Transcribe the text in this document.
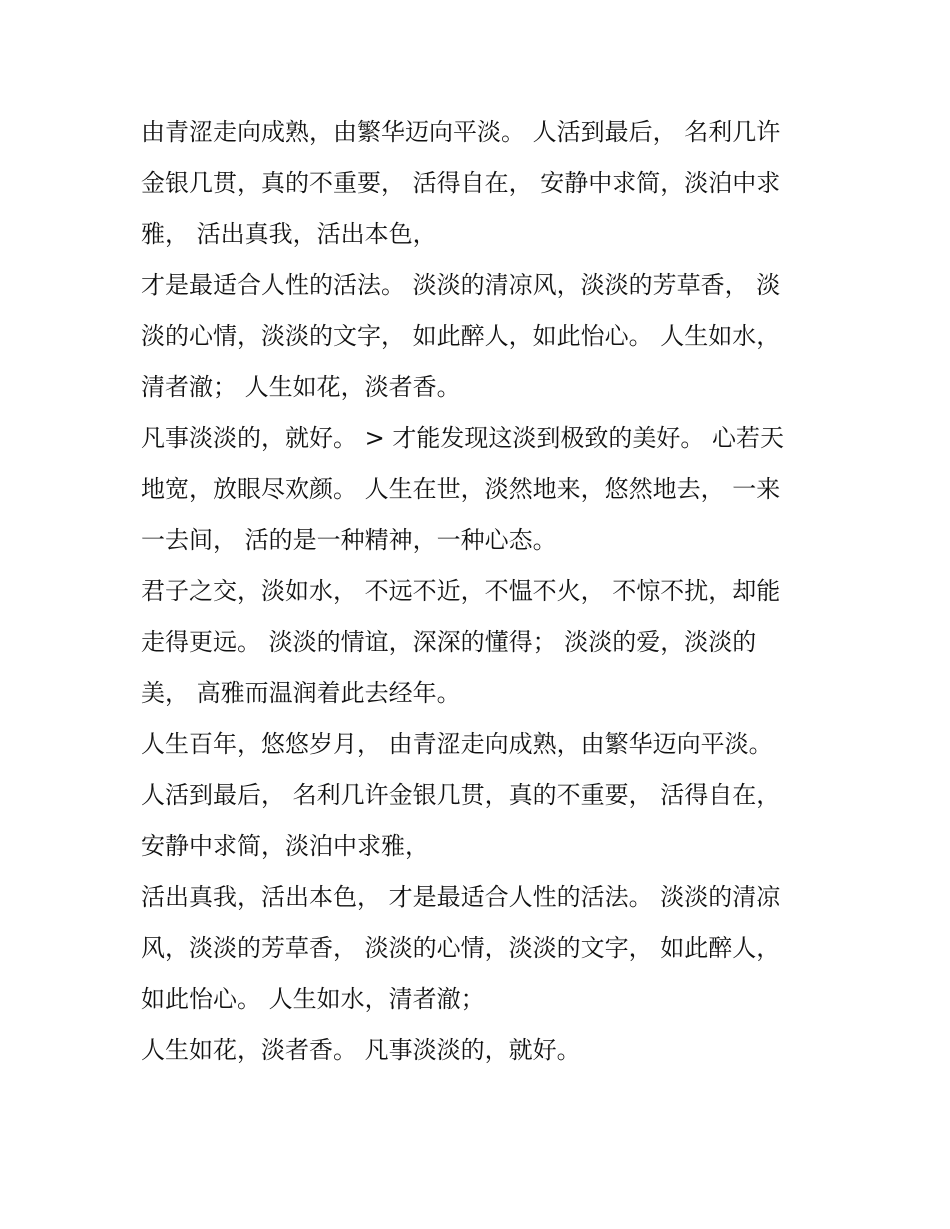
由青涩走向成熟，由繁华迈向平淡。 人活到最后， 名利几许
金银几贯，真的不重要， 活得自在， 安静中求简，淡泊中求
雅， 活出真我，活出本色，

才是最适合人性的活法。 淡淡的清凉风，淡淡的芳草香， 淡
淡的心情，淡淡的文字， 如此醉人，如此怡心。 人生如水，
清者澈； 人生如花，淡者香。

凡事淡淡的，就好。 > 才能发现这淡到极致的美好。 心若天
地宽，放眼尽欢颜。 人生在世，淡然地来，悠然地去， 一来
一去间， 活的是一种精神，一种心态。

君子之交，淡如水， 不远不近，不愠不火， 不惊不扰，却能
走得更远。 淡淡的情谊，深深的懂得； 淡淡的爱，淡淡的
美， 高雅而温润着此去经年。

人生百年，悠悠岁月， 由青涩走向成熟，由繁华迈向平淡。
人活到最后， 名利几许金银几贯，真的不重要， 活得自在，
安静中求简，淡泊中求雅，

活出真我，活出本色， 才是最适合人性的活法。 淡淡的清凉
风，淡淡的芳草香， 淡淡的心情，淡淡的文字， 如此醉人，
如此怡心。 人生如水，清者澈；

人生如花，淡者香。 凡事淡淡的，就好。
